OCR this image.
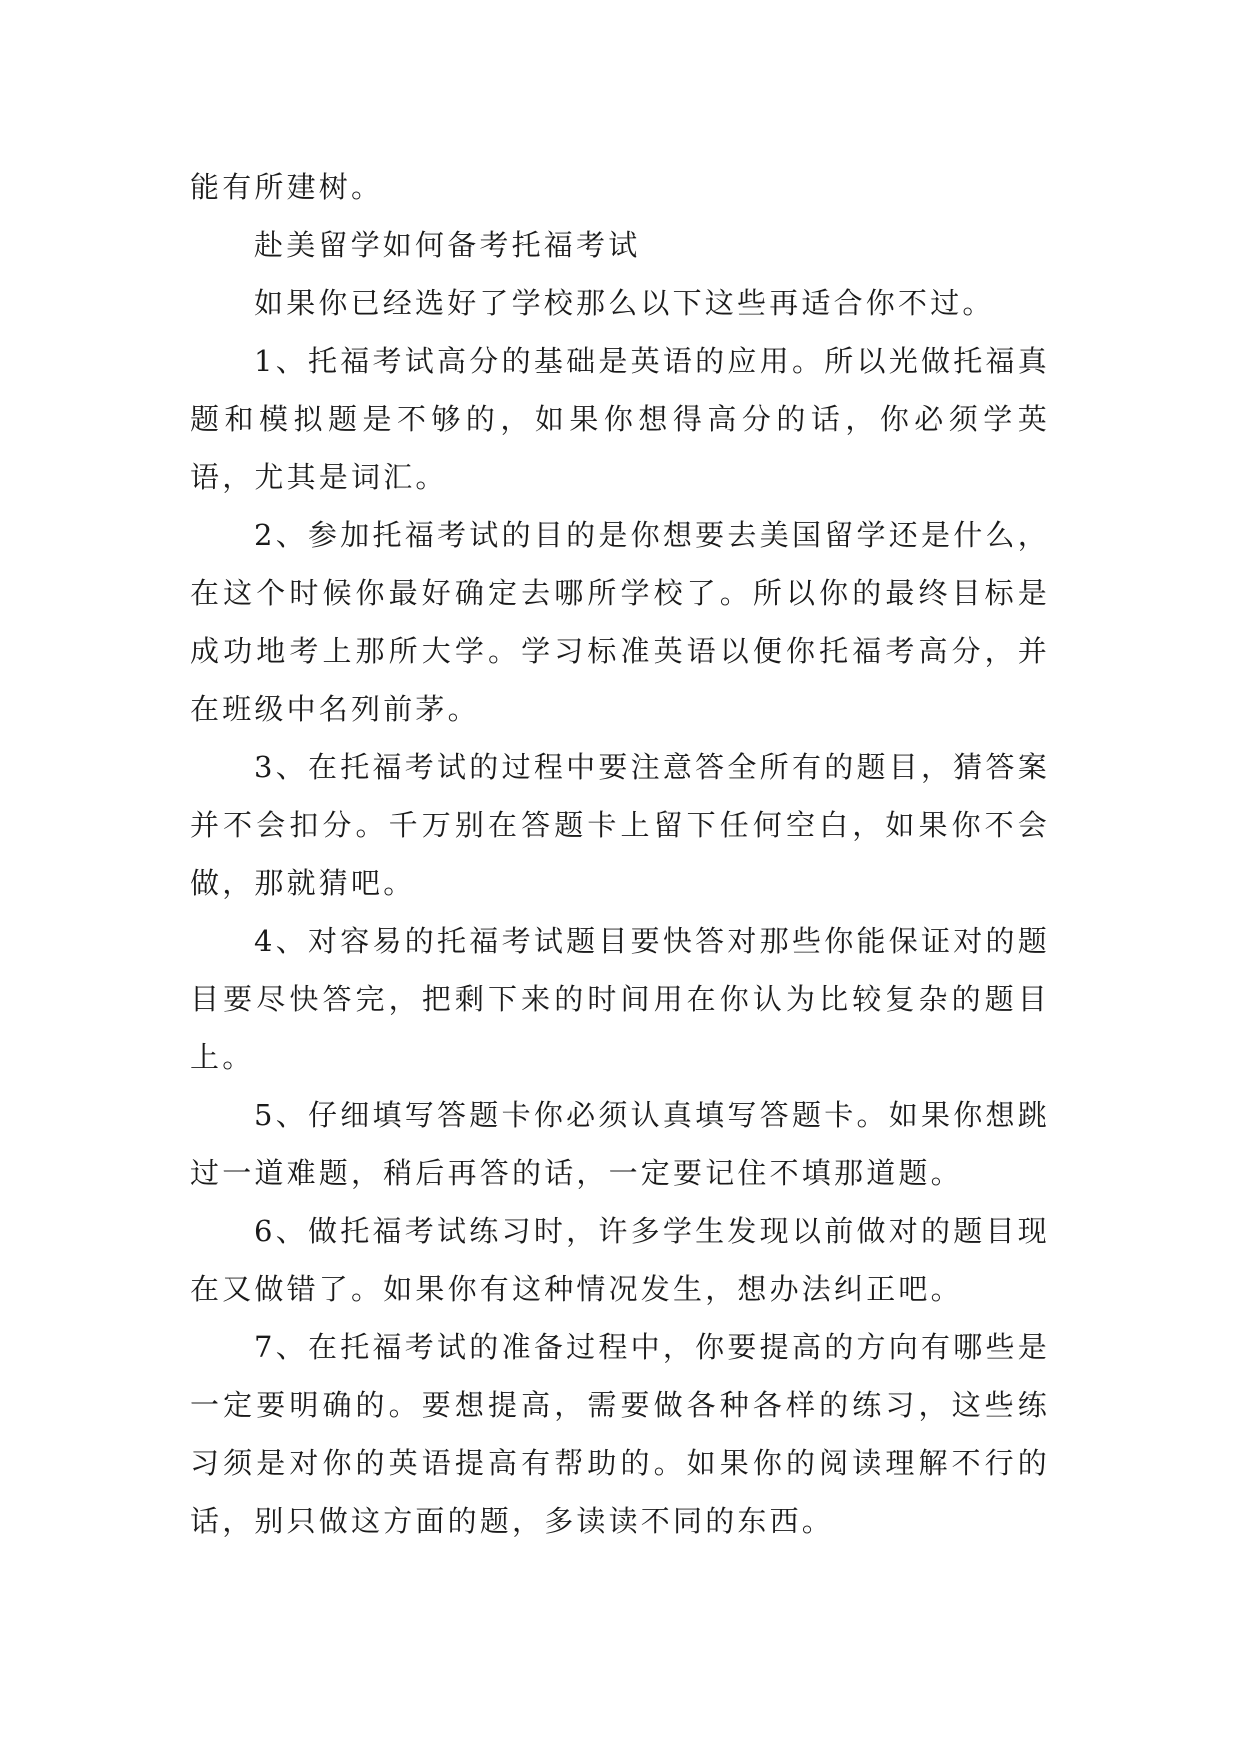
能有所建树。

赴美留学如何备考托福考试

如果你已经选好了学校那么以下这些再适合你不过。

1、托福考试高分的基础是英语的应用。所以光做托福真题和模拟题是不够的，如果你想得高分的话，你必须学英语，尤其是词汇。

2、参加托福考试的目的是你想要去美国留学还是什么，在这个时候你最好确定去哪所学校了。所以你的最终目标是成功地考上那所大学。学习标准英语以便你托福考高分，并在班级中名列前茅。

3、在托福考试的过程中要注意答全所有的题目，猜答案并不会扣分。千万别在答题卡上留下任何空白，如果你不会做，那就猜吧。

4、对容易的托福考试题目要快答对那些你能保证对的题目要尽快答完，把剩下来的时间用在你认为比较复杂的题目上。

5、仔细填写答题卡你必须认真填写答题卡。如果你想跳过一道难题，稍后再答的话，一定要记住不填那道题。

6、做托福考试练习时，许多学生发现以前做对的题目现在又做错了。如果你有这种情况发生，想办法纠正吧。

7、在托福考试的准备过程中，你要提高的方向有哪些是一定要明确的。要想提高，需要做各种各样的练习，这些练习须是对你的英语提高有帮助的。如果你的阅读理解不行的话，别只做这方面的题，多读读不同的东西。
